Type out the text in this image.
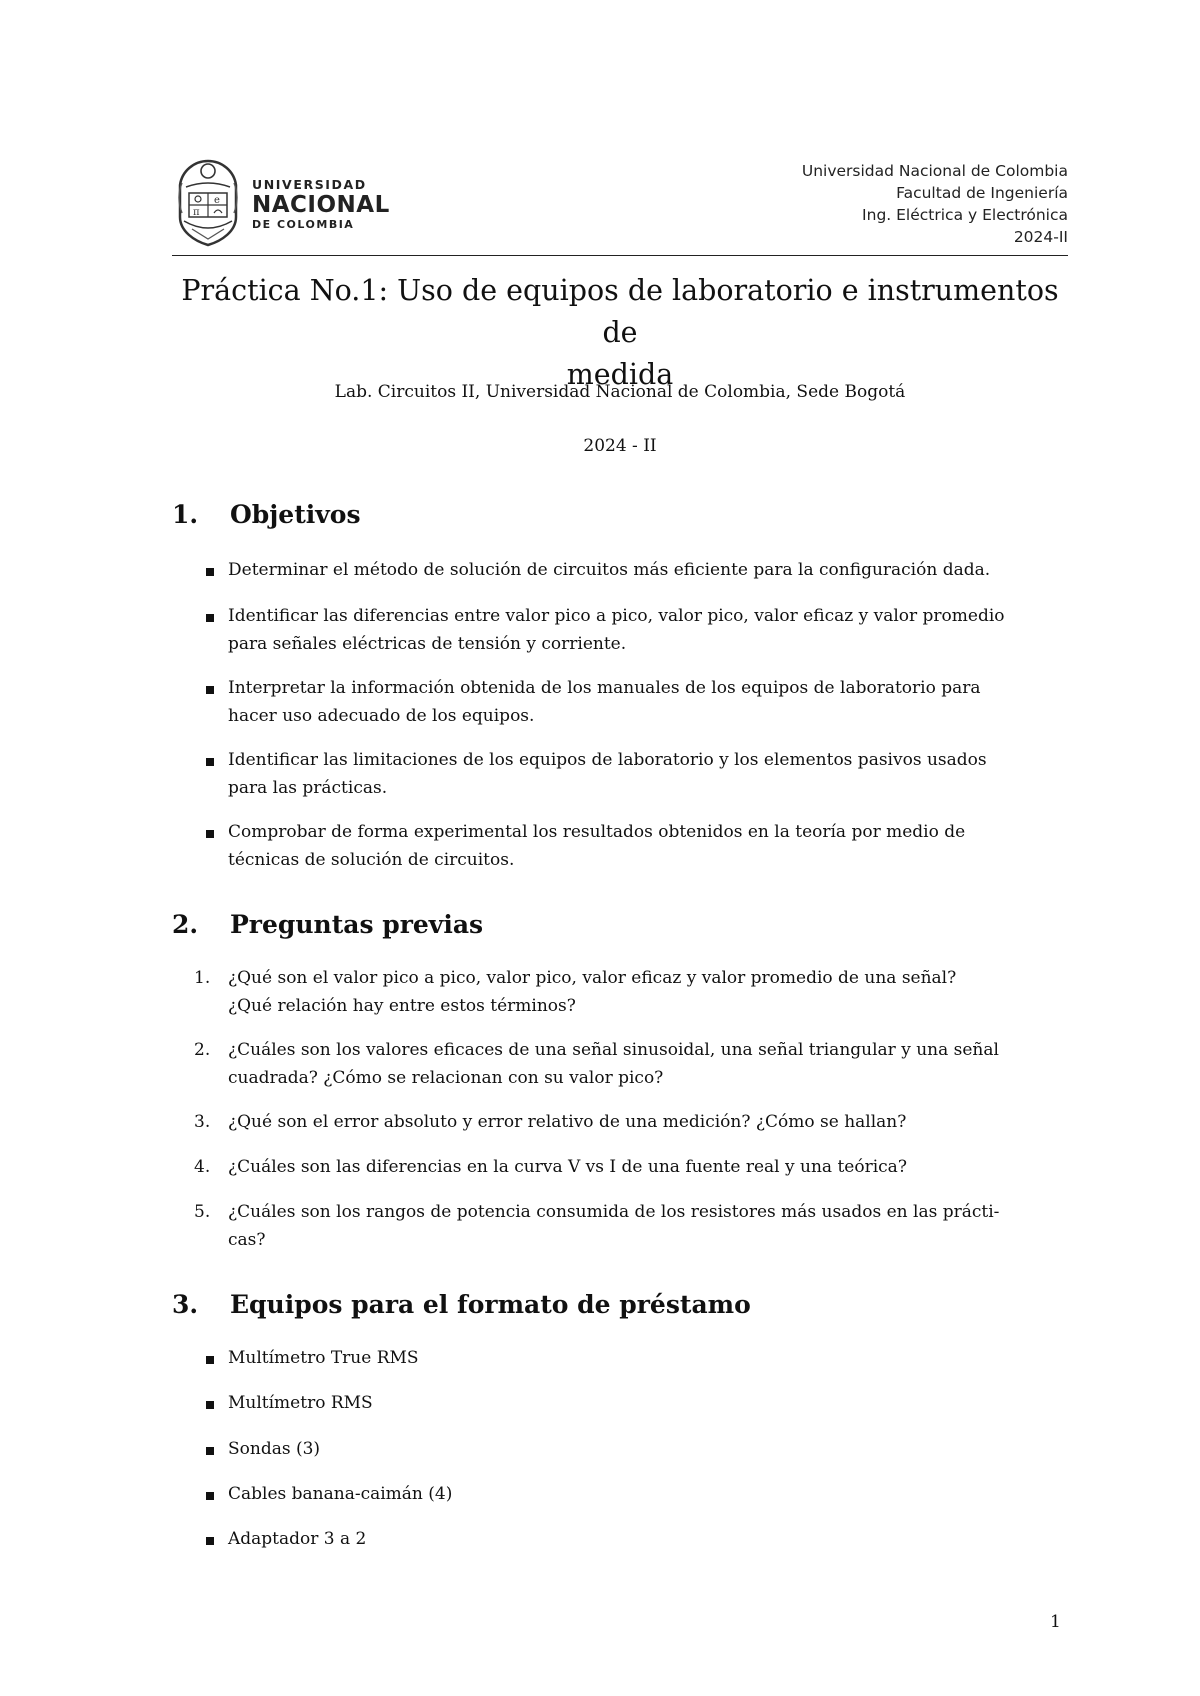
e
π
UNIVERSIDAD
NACIONAL
DE COLOMBIA
Universidad Nacional de Colombia
Facultad de Ingeniería
Ing. Eléctrica y Electrónica
2024-II
Práctica No.1: Uso de equipos de laboratorio e instrumentos de
medida
Lab. Circuitos II, Universidad Nacional de Colombia, Sede Bogotá
2024 - II
1. Objetivos
Determinar el método de solución de circuitos más eficiente para la configuración dada.
Identificar las diferencias entre valor pico a pico, valor pico, valor eficaz y valor promedio
para señales eléctricas de tensión y corriente.
Interpretar la información obtenida de los manuales de los equipos de laboratorio para
hacer uso adecuado de los equipos.
Identificar las limitaciones de los equipos de laboratorio y los elementos pasivos usados
para las prácticas.
Comprobar de forma experimental los resultados obtenidos en la teoría por medio de
técnicas de solución de circuitos.
2. Preguntas previas
1.	¿Qué son el valor pico a pico, valor pico, valor eficaz y valor promedio de una señal?
¿Qué relación hay entre estos términos?
2.	¿Cuáles son los valores eficaces de una señal sinusoidal, una señal triangular y una señal
cuadrada? ¿Cómo se relacionan con su valor pico?
3.	¿Qué son el error absoluto y error relativo de una medición? ¿Cómo se hallan?
4.	¿Cuáles son las diferencias en la curva V vs I de una fuente real y una teórica?
5.	¿Cuáles son los rangos de potencia consumida de los resistores más usados en las prácti-
cas?
3. Equipos para el formato de préstamo
Multímetro True RMS
Multímetro RMS
Sondas (3)
Cables banana-caimán (4)
Adaptador 3 a 2
1
